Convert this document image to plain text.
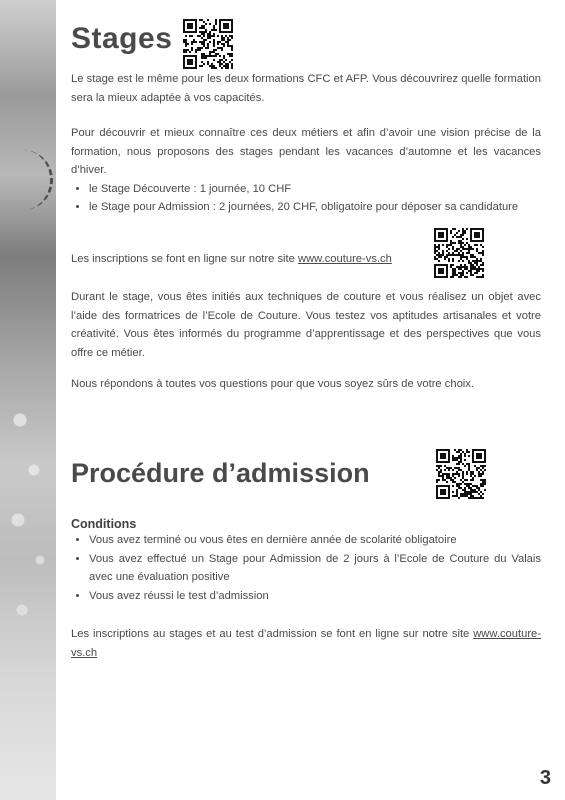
Stages

Le stage est le même pour les deux formations CFC et AFP. Vous découvrirez quelle formation sera la mieux adaptée à vos capacités.

Pour découvrir et mieux connaître ces deux métiers et afin d’avoir une vision précise de la formation, nous proposons des stages pendant les vacances d’automne et les vacances d’hiver.

• le Stage Découverte : 1 journée, 10 CHF
• le Stage pour Admission : 2 journées, 20 CHF, obligatoire pour déposer sa candidature

Les inscriptions se font en ligne sur notre site www.couture-vs.ch

Durant le stage, vous êtes initiés aux techniques de couture et vous réalisez un objet avec l’aide des formatrices de l’Ecole de Couture. Vous testez vos aptitudes artisanales et votre créativité. Vous êtes informés du programme d’apprentissage et des perspectives que vous offre ce métier.

Nous répondons à toutes vos questions pour que vous soyez sûrs de votre choix.

Procédure d’admission
Conditions
• Vous avez terminé ou vous êtes en dernière année de scolarité obligatoire
• Vous avez effectué un Stage pour Admission de 2 jours à l’Ecole de Couture du Valais avec une évaluation positive
• Vous avez réussi le test d’admission

Les inscriptions au stages et au test d’admission se font en ligne sur notre site www.couture-vs.ch

3
